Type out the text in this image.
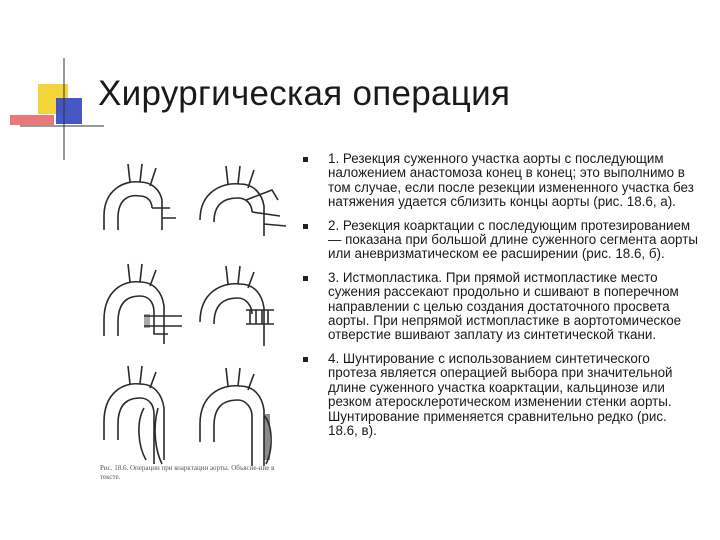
Хирургическая операция
Рис. 18.6. Операции при коарктации аорты. Объясне-ние в тексте.
1. Резекция суженного участка аорты с последующим наложением анастомоза конец в конец; это выполнимо в том случае, если после резекции измененного участка без натяжения удается сблизить концы аорты (рис. 18.6, а).
2. Резекция коарктации с последующим протезированием — показана при большой длине суженного сегмента аорты или аневризматическом ее расширении (рис. 18.6, б).
3. Истмопластика. При прямой истмопластике место сужения рассекают продольно и сшивают в поперечном направлении с целью создания достаточного просвета аорты. При непрямой истмопластике в аортотомическое отверстие вшивают заплату из синтетической ткани.
4. Шунтирование с использованием синтетического протеза является операцией выбора при значительной длине суженного участка коарктации, кальцинозе или резком атеросклеротическом изменении стенки аорты. Шунтирование применяется сравнительно редко (рис. 18.6, в).
